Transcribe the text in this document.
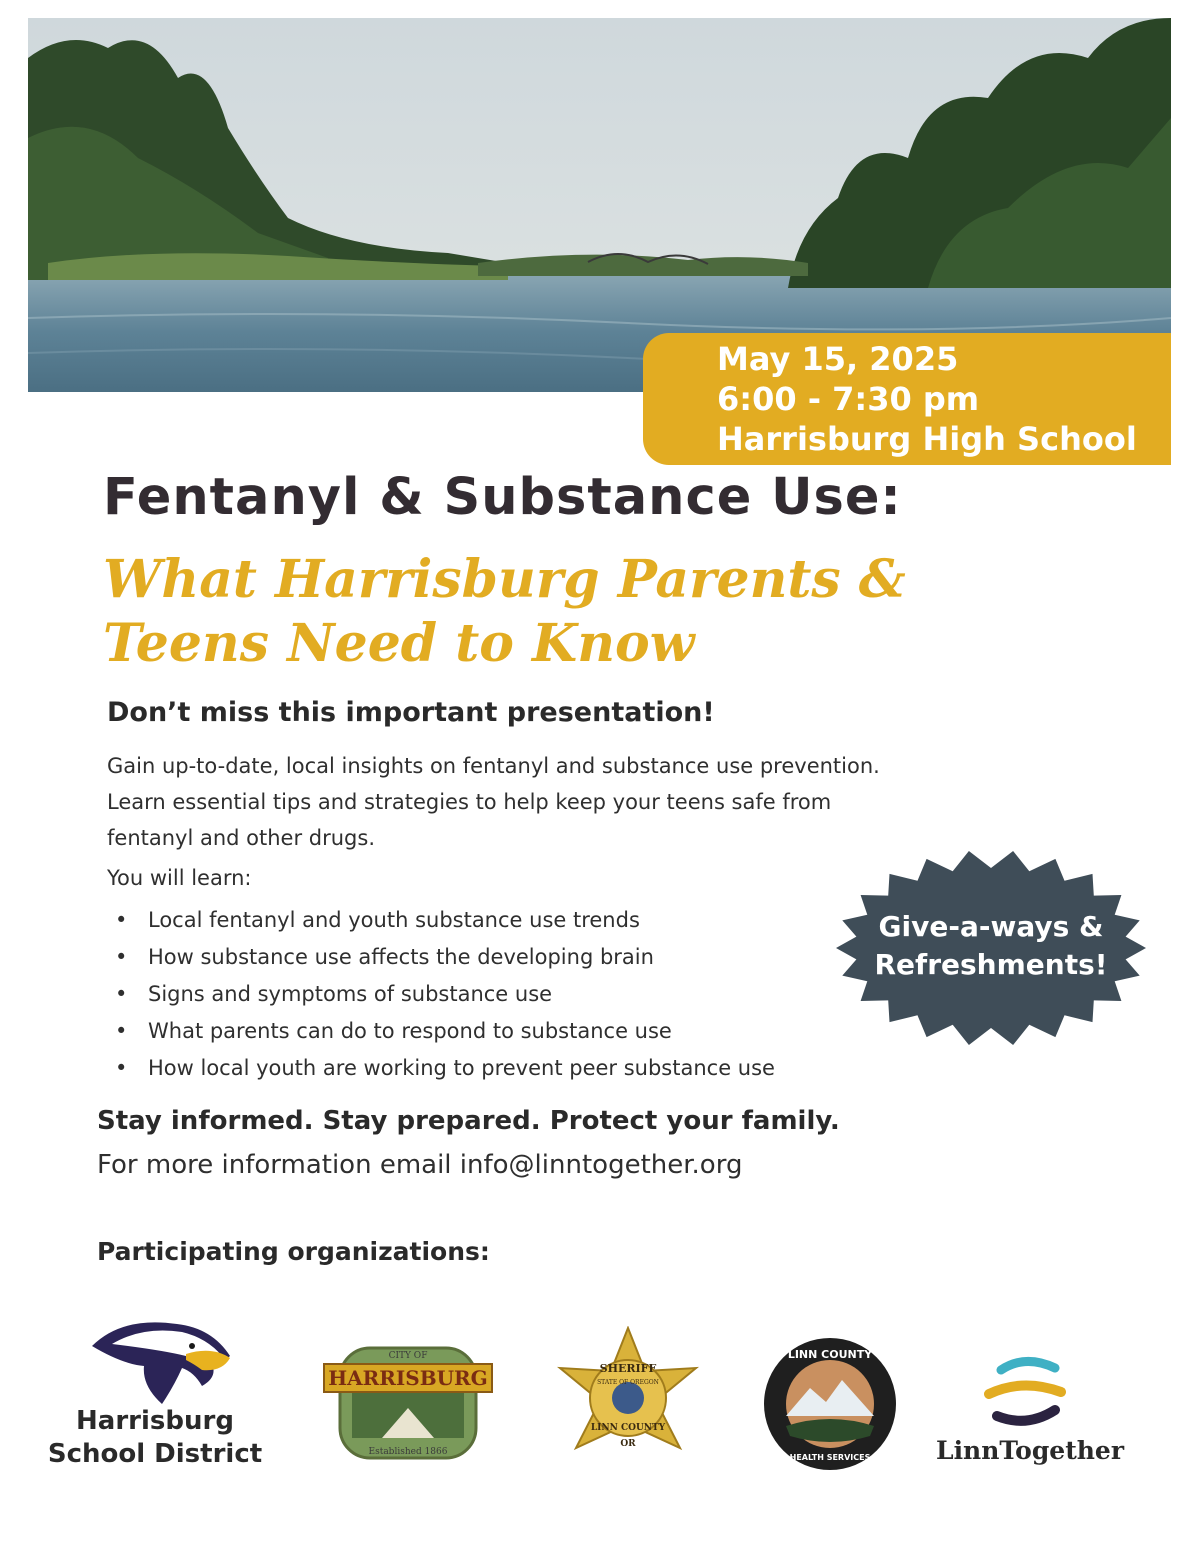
May 15, 2025
6:00 - 7:30 pm
Harrisburg High School
Fentanyl & Substance Use:
What Harrisburg Parents &
Teens Need to Know
Don’t miss this important presentation!
Gain up-to-date, local insights on fentanyl and substance use prevention.
Learn essential tips and strategies to help keep your teens safe from
fentanyl and other drugs.
You will learn:
• Local fentanyl and youth substance use trends
• How substance use affects the developing brain
• Signs and symptoms of substance use
• What parents can do to respond to substance use
• How local youth are working to prevent peer substance use
Give-a-ways &
Refreshments!
Stay informed. Stay prepared. Protect your family.
For more information email info@linntogether.org
Participating organizations:
Harrisburg
School District
HARRISBURG
CITY OF
Established 1866
SHERIFF
STATE OF OREGON
LINN COUNTY
OR
LINN COUNTY
HEALTH SERVICES	LinnTogether
